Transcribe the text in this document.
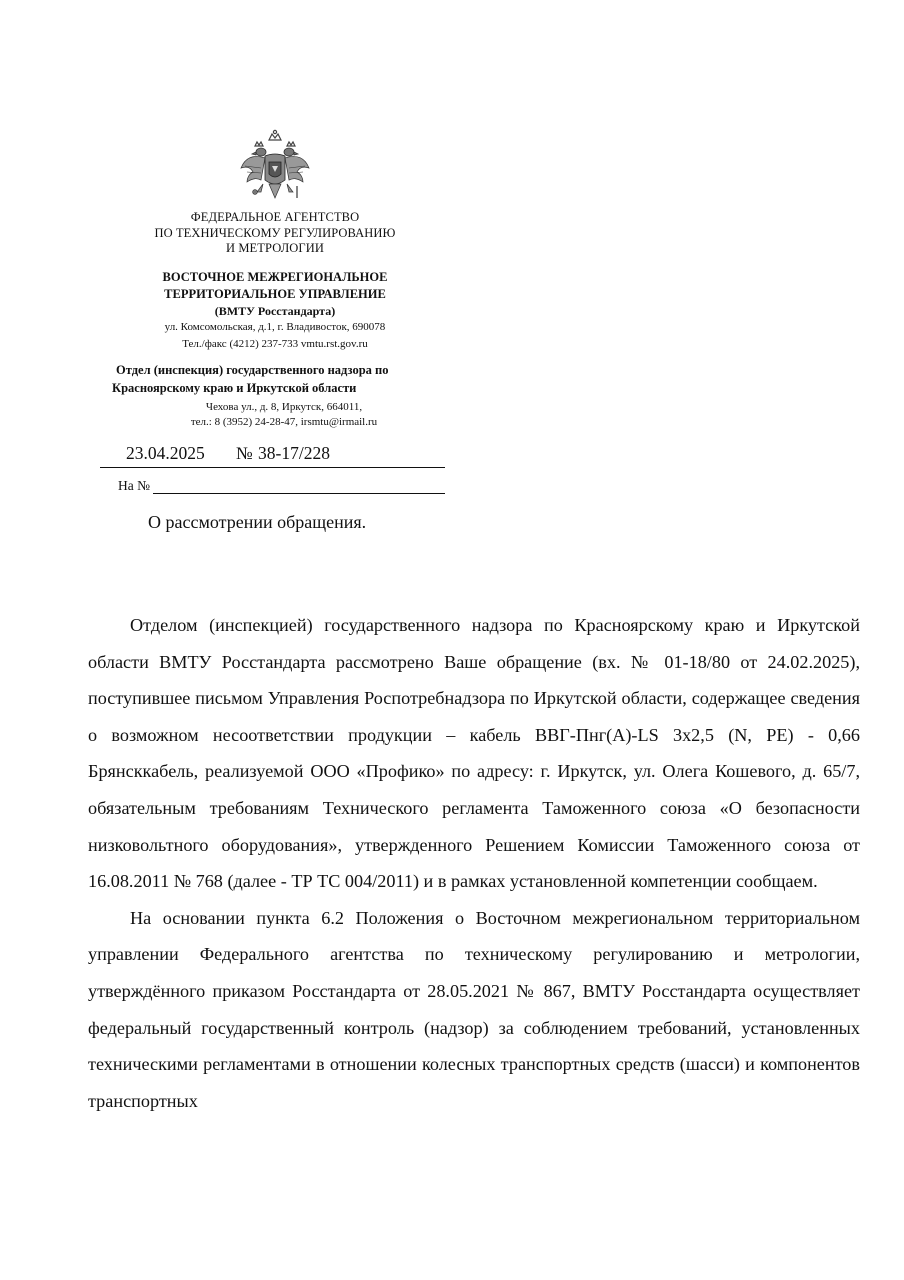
ФЕДЕРАЛЬНОЕ АГЕНТСТВО
ПО ТЕХНИЧЕСКОМУ РЕГУЛИРОВАНИЮ
И МЕТРОЛОГИИ
ВОСТОЧНОЕ МЕЖРЕГИОНАЛЬНОЕ
ТЕРРИТОРИАЛЬНОЕ УПРАВЛЕНИЕ
(ВМТУ Росстандарта)
ул. Комсомольская, д.1, г. Владивосток, 690078
Тел./факс (4212) 237-733 vmtu.rst.gov.ru
Отдел (инспекция) государственного надзора по
Красноярскому краю и Иркутской области
Чехова ул., д. 8, Иркутск, 664011,
тел.: 8 (3952) 24-28-47, irsmtu@irmail.ru
23.04.2025 № 38-17/228
На №
О рассмотрении обращения.

Отделом (инспекцией) государственного надзора по Красноярскому краю и Иркутской области ВМТУ Росстандарта рассмотрено Ваше обращение (вх. № 01-18/80 от 24.02.2025), поступившее письмом Управления Роспотребнадзора по Иркутской области, содержащее сведения о возможном несоответствии продукции – кабель ВВГ-Пнг(А)-LS 3х2,5 (N, PE) - 0,66 Брянсккабель, реализуемой ООО «Профико» по адресу: г. Иркутск, ул. Олега Кошевого, д. 65/7, обязательным требованиям Технического регламента Таможенного союза «О безопасности низковольтного оборудования», утвержденного Решением Комиссии Таможенного союза от 16.08.2011 № 768 (далее - ТР ТС 004/2011) и в рамках установленной компетенции сообщаем.

На основании пункта 6.2 Положения о Восточном межрегиональном территориальном управлении Федерального агентства по техническому регулированию и метрологии, утверждённого приказом Росстандарта от 28.05.2021 № 867, ВМТУ Росстандарта осуществляет федеральный государственный контроль (надзор) за соблюдением требований, установленных техническими регламентами в отношении колесных транспортных средств (шасси) и компонентов транспортных
